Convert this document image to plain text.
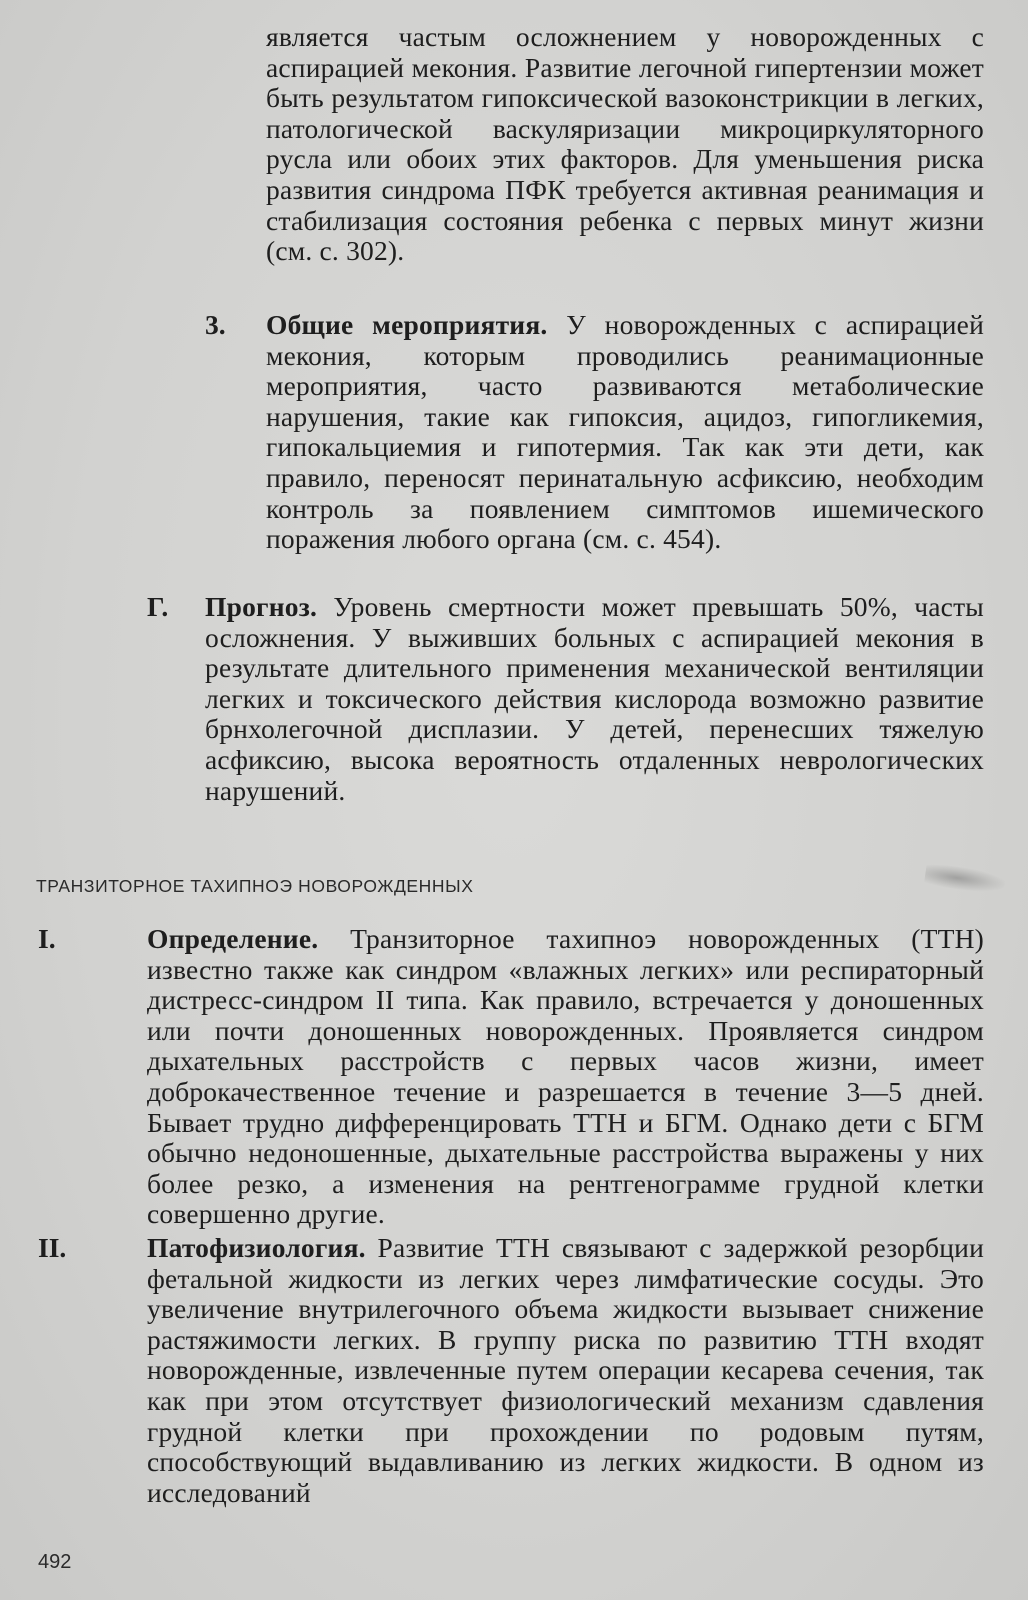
является частым осложнением у новорожденных с аспирацией мекония. Развитие легочной гипертензии может быть результатом гипоксической вазоконстрикции в легких, патологической васкуляризации микроциркуляторного русла или обоих этих факторов. Для уменьшения риска развития синдрома ПФК требуется активная реанимация и стабилизация состояния ребенка с первых минут жизни (см. с. 302).

3. Общие мероприятия. У новорожденных с аспирацией мекония, которым проводились реанимационные мероприятия, часто развиваются метаболические нарушения, такие как гипоксия, ацидоз, гипогликемия, гипокальциемия и гипотермия. Так как эти дети, как правило, переносят перинатальную асфиксию, необходим контроль за появлением симптомов ишемического поражения любого органа (см. с. 454).

Г. Прогноз. Уровень смертности может превышать 50%, часты осложнения. У выживших больных с аспирацией мекония в результате длительного применения механической вентиляции легких и токсического действия кислорода возможно развитие брнхолегочной дисплазии. У детей, перенесших тяжелую асфиксию, высока вероятность отдаленных неврологических нарушений.

ТРАНЗИТОРНОЕ ТАХИПНОЭ НОВОРОЖДЕННЫХ
I.	Определение. Транзиторное тахипноэ новорожденных (ТТН) известно также как синдром «влажных легких» или респираторный дистресс-синдром II типа. Как правило, встречается у доношенных или почти доношенных новорожденных. Проявляется синдром дыхательных расстройств с первых часов жизни, имеет доброкачественное течение и разрешается в течение 3—5 дней. Бывает трудно дифференцировать ТТН и БГМ. Однако дети с БГМ обычно недоношенные, дыхательные расстройства выражены у них более резко, а изменения на рентгенограмме грудной клетки совершенно другие.

II.	Патофизиология. Развитие ТТН связывают с задержкой резорбции фетальной жидкости из легких через лимфатические сосуды. Это увеличение внутрилегочного объема жидкости вызывает снижение растяжимости легких. В группу риска по развитию ТТН входят новорожденные, извлеченные путем операции кесарева сечения, так как при этом отсутствует физиологический механизм сдавления грудной клетки при прохождении по родовым путям, способствующий выдавливанию из легких жидкости. В одном из исследований

492
